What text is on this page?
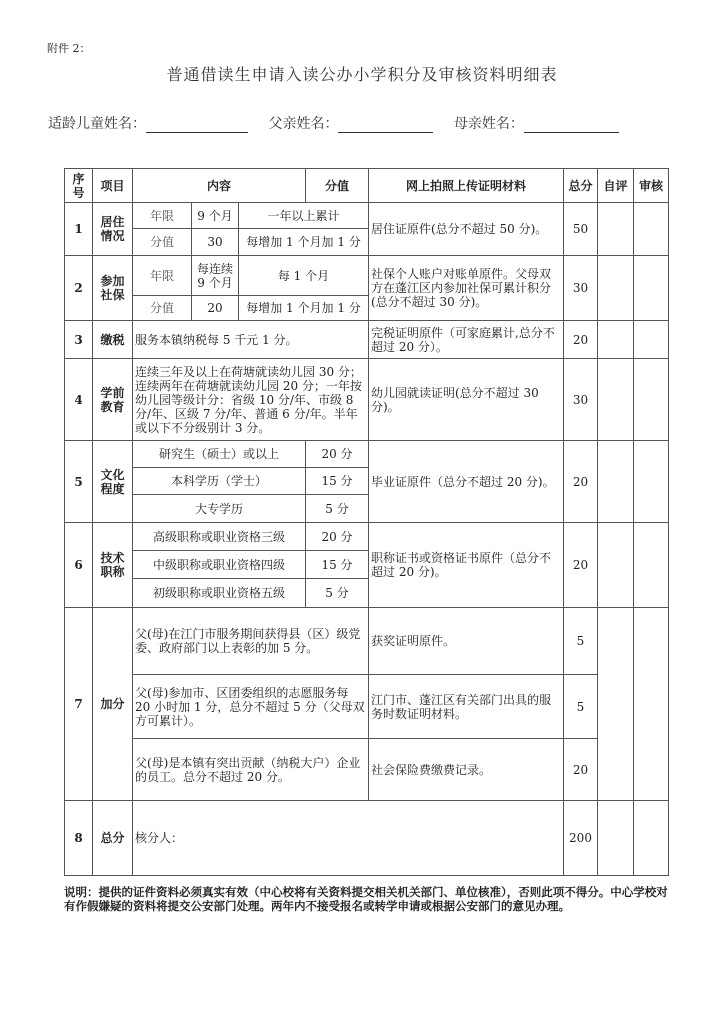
附件 2：
普通借读生申请入读公办小学积分及审核资料明细表
适龄儿童姓名：	父亲姓名：	母亲姓名：
序号	项目	内容			分值	网上拍照上传证明材料	总分	自评	审核
1	居住情况	年限	9 个月	一年以上累计		居住证原件(总分不超过 50 分)。	50		
		分值	30	每增加 1 个月加 1 分					
2	参加社保	年限	每连续 9 个月	每 1 个月		社保个人账户对账单原件。父母双方在蓬江区内参加社保可累计积分(总分不超过 30 分)。	30		
		分值	20	每增加 1 个月加 1 分					
3	缴税	服务本镇纳税每 5 千元 1 分。				完税证明原件（可家庭累计,总分不超过 20 分）。	20		
4	学前教育	连续三年及以上在荷塘就读幼儿园 30 分；连续两年在荷塘就读幼儿园 20 分；一年按幼儿园等级计分：省级 10 分/年、市级 8 分/年、区级 7 分/年、普通 6 分/年。半年或以下不分级别计 3 分。				幼儿园就读证明(总分不超过 30 分)。	30		
5	文化程度	研究生（硕士）或以上			20 分	毕业证原件（总分不超过 20 分)。	20		
		本科学历（学士）			15 分				
		大专学历			5 分				
6	技术职称	高级职称或职业资格三级			20 分	职称证书或资格证书原件（总分不超过 20 分)。	20		
		中级职称或职业资格四级			15 分				
		初级职称或职业资格五级			5 分				
7	加分	父(母)在江门市服务期间获得县（区）级党委、政府部门以上表彰的加 5 分。				获奖证明原件。	5		
		父(母)参加市、区团委组织的志愿服务每 20 小时加 1 分，总分不超过 5 分（父母双方可累计）。				江门市、蓬江区有关部门出具的服务时数证明材料。	5		
		父(母)是本镇有突出贡献（纳税大户）企业的员工。总分不超过 20 分。				社会保险费缴费记录。	20		
8	总分	核分人：					200		
说明：提供的证件资料必须真实有效（中心校将有关资料提交相关机关部门、单位核准），否则此项不得分。中心学校对有作假嫌疑的资料将提交公安部门处理。两年内不接受报名或转学申请或根据公安部门的意见办理。
